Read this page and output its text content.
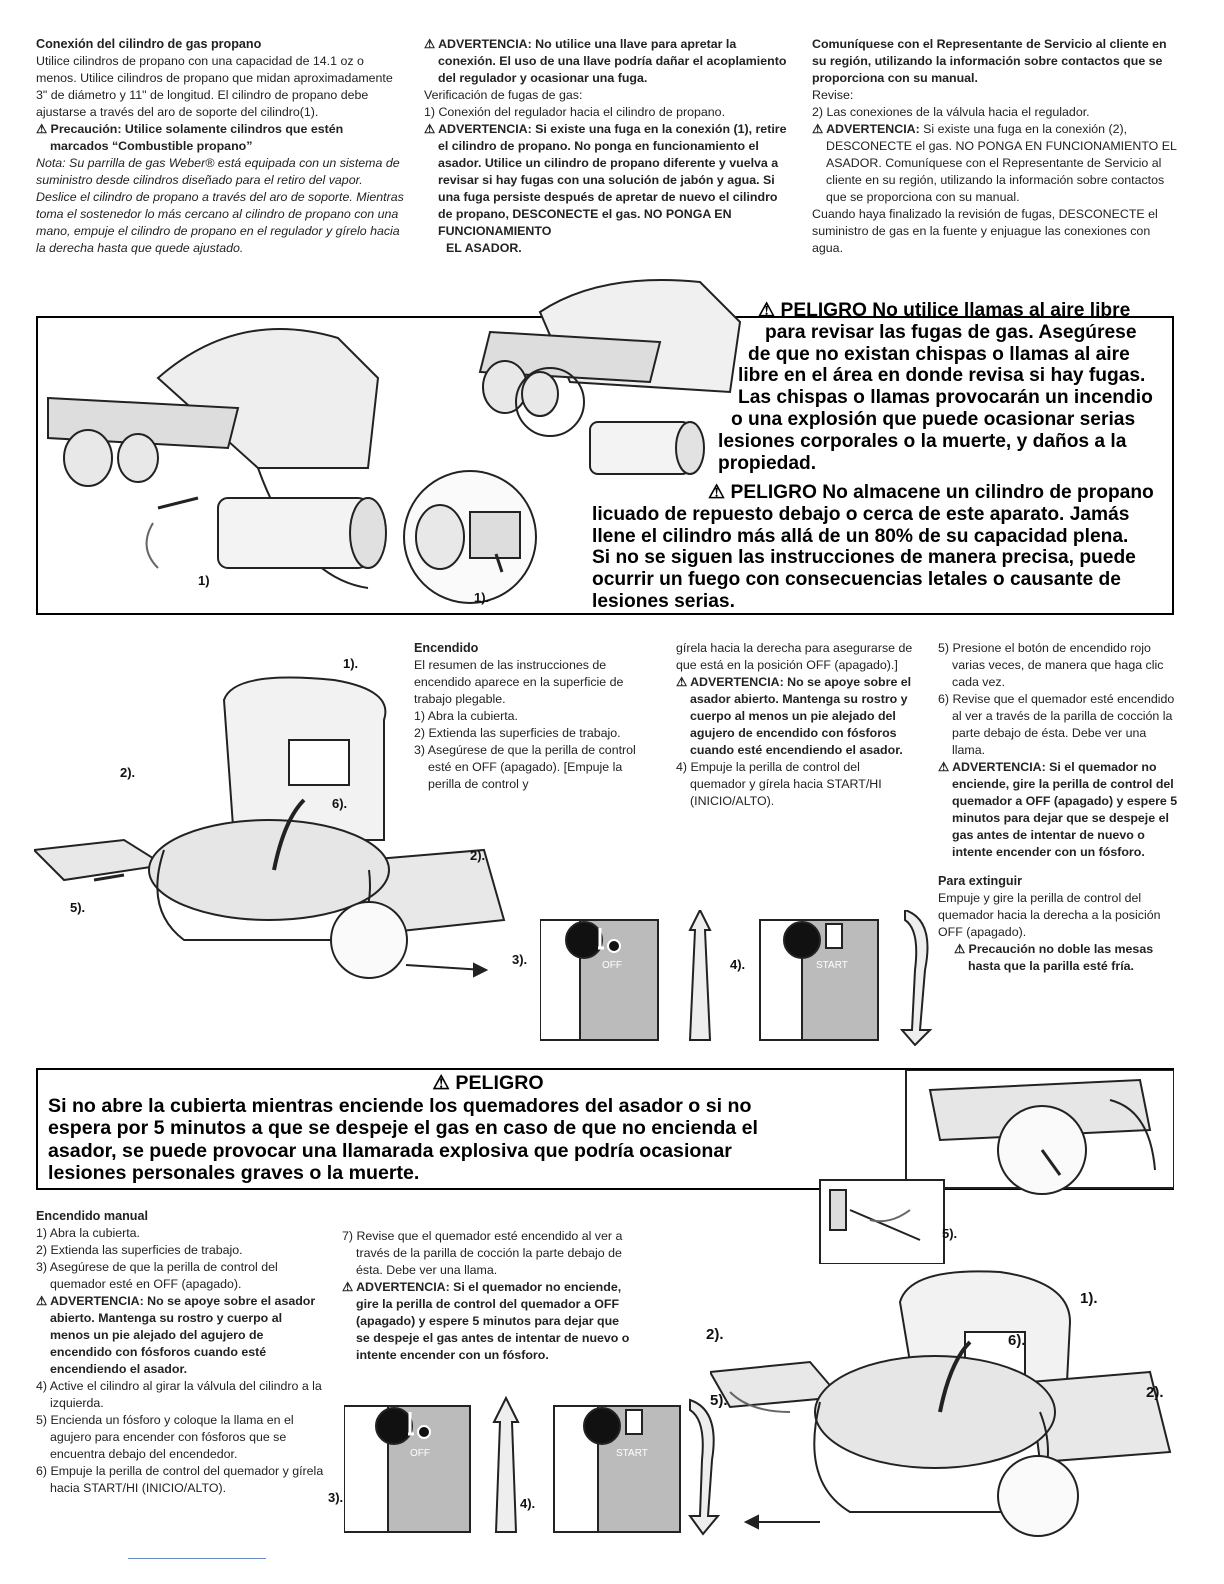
Conexión del cilindro de gas propano

Utilice cilindros de propano con una capacidad de 14.1 oz o menos. Utilice cilindros de propano que midan aproximadamente 3" de diámetro y 11" de longitud. El cilindro de propano debe ajustarse a través del aro de soporte del cilindro(1).

⚠ Precaución: Utilice solamente cilindros que estén marcados “Combustible propano”

Nota: Su parrilla de gas Weber® está equipada con un sistema de suministro desde cilindros diseñado para el retiro del vapor. Deslice el cilindro de propano a través del aro de soporte. Mientras toma el sostenedor lo más cercano al cilindro de propano con una mano, empuje el cilindro de propano en el regulador y gírelo hacia la derecha hasta que quede ajustado.

⚠ ADVERTENCIA: No utilice una llave para apretar la conexión. El uso de una llave podría dañar el acoplamiento del regulador y ocasionar una fuga.

Verificación de fugas de gas:

1) Conexión del regulador hacia el cilindro de propano.

⚠ ADVERTENCIA: Si existe una fuga en la conexión (1), retire el cilindro de propano. No ponga en funcionamiento el asador. Utilice un cilindro de propano diferente y vuelva a revisar si hay fugas con una solución de jabón y agua. Si una fuga persiste después de apretar de nuevo el cilindro de propano, DESCONECTE el gas. NO PONGA EN FUNCIONAMIENTO

EL ASADOR.

Comuníquese con el Representante de Servicio al cliente en su región, utilizando la información sobre contactos que se proporciona con su manual.

Revise:

2) Las conexiones de la válvula hacia el regulador.

⚠ ADVERTENCIA: Si existe una fuga en la conexión (2), DESCONECTE el gas. NO PONGA EN FUNCIONAMIENTO EL ASADOR. Comuníquese con el Representante de Servicio al cliente en su región, utilizando la información sobre contactos que se proporciona con su manual.

Cuando haya finalizado la revisión de fugas, DESCONECTE el suministro de gas en la fuente y enjuague las conexiones con agua.

1)
1).
⚠ PELIGRO No utilice llamas al aire libre
para revisar las fugas de gas. Asegúrese
de que no existan chispas o llamas al aire
libre en el área en donde revisa si hay fugas.
Las chispas o llamas provocarán un incendio
o una explosión que puede ocasionar serias
lesiones corporales o la muerte, y daños a la
propiedad.
⚠ PELIGRO No almacene un cilindro de propano
licuado de repuesto debajo o cerca de este aparato. Jamás
llene el cilindro más allá de un 80% de su capacidad plena.
Si no se siguen las instrucciones de manera precisa, puede
ocurrir un fuego con consecuencias letales o causante de
lesiones serias.
1).
2).
6).
2).
5).

Encendido

El resumen de las instrucciones de encendido aparece en la superficie de trabajo plegable.

1) Abra la cubierta.

2) Extienda las superficies de trabajo.

3) Asegúrese de que la perilla de control esté en OFF (apagado). [Empuje la perilla de control y

gírela hacia la derecha para asegurarse de que está en la posición OFF (apagado).]

⚠ ADVERTENCIA: No se apoye sobre el asador abierto. Mantenga su rostro y cuerpo al menos un pie alejado del agujero de encendido con fósforos cuando esté encendiendo el asador.

4) Empuje la perilla de control del quemador y gírela hacia START/HI (INICIO/ALTO).

5) Presione el botón de encendido rojo varias veces, de manera que haga clic cada vez.

6) Revise que el quemador esté encendido al ver a través de la parilla de cocción la parte debajo de ésta. Debe ver una llama.

⚠ ADVERTENCIA: Si el quemador no enciende, gire la perilla de control del quemador a OFF (apagado) y espere 5 minutos para dejar que se despeje el gas antes de intentar de nuevo o intente encender con un fósforo.

Para extinguir

Empuje y gire la perilla de control del quemador hacia la derecha a la posición OFF (apagado).

⚠ Precaución no doble las mesas hasta que la parilla esté fría.

OFF	START
3).	4).
⚠ PELIGRO
Si no abre la cubierta mientras enciende los quemadores del asador o si no
espera por 5 minutos a que se despeje el gas en caso de que no encienda el
asador, se puede provocar una llamarada explosiva que podría ocasionar
lesiones personales graves o la muerte.
5).

Encendido manual

1) Abra la cubierta.

2) Extienda las superficies de trabajo.

3) Asegúrese de que la perilla de control del quemador esté en OFF (apagado).

⚠ ADVERTENCIA: No se apoye sobre el asador abierto. Mantenga su rostro y cuerpo al menos un pie alejado del agujero de encendido con fósforos cuando esté encendiendo el asador.

4) Active el cilindro al girar la válvula del cilindro a la izquierda.

5) Encienda un fósforo y coloque la llama en el agujero para encender con fósforos que se encuentra debajo del encendedor.

6) Empuje la perilla de control del quemador y gírela hacia START/HI (INICIO/ALTO).

7) Revise que el quemador esté encendido al ver a través de la parilla de cocción la parte debajo de ésta. Debe ver una llama.

⚠ ADVERTENCIA: Si el quemador no enciende, gire la perilla de control del quemador a OFF (apagado) y espere 5 minutos para dejar que se despeje el gas antes de intentar de nuevo o intente encender con un fósforo.

OFF	START
3).	4).
1).
2).	6).
2).
5).
